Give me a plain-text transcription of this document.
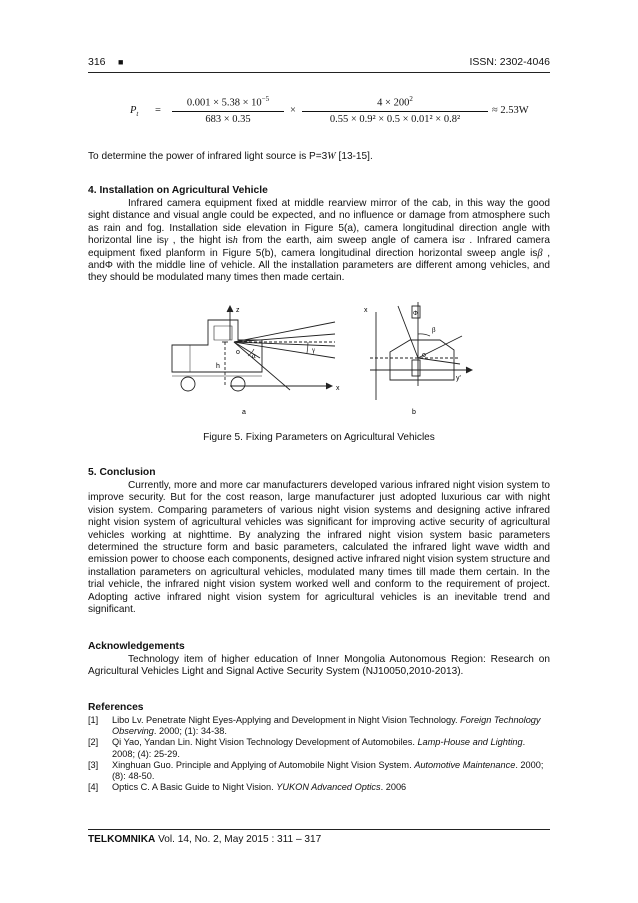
316 ■	ISSN: 2302-4046
$P_t = \frac{0.001 \times 5.38 \times 10^{-5}}{683 \times 0.35} \times \frac{4 \times 200^2}{\text{0.55 × 0.9² × 0.5 × 0.01² × 0.8²}} \approx 2.53W$
To determine the power of infrared light source is P=3W [13-15].
4. Installation on Agricultural Vehicle
Infrared camera equipment fixed at middle rearview mirror of the cab, in this way the good sight distance and visual angle could be expected, and no influence or damage from atmosphere such as rain and fog. Installation side elevation in Figure 5(a), camera longitudinal direction angle with horizontal line isγ , the hight ish from the earth, aim sweep angle of camera isα . Infrared camera equipment fixed planform in Figure 5(b), camera longitudinal direction horizontal sweep angle isβ , andΦ with the middle line of vehicle. All the installation parameters are different among vehicles, and they should be modulated many times then made certain.
z
o	γ
α
h
x
a
x	Φ
β
o
y'
b
Figure 5. Fixing Parameters on Agricultural Vehicles
5. Conclusion
Currently, more and more car manufacturers developed various infrared night vision system to improve security. But for the cost reason, large manufacturer just adopted luxurious car with night vision system. Comparing parameters of various night vision systems and designing active infrared night vision system of agricultural vehicles was significant for improving active security of agricultural vehicles working at nighttime. By analyzing the infrared night vision system basic parameters determined the structure form and basic parameters, calculated the infrared light wave width and emission power to choose each components, designed active infrared night vision system structure and installation parameters on agricultural vehicles, modulated many times till made them certain. In the trial vehicle, the infrared night vision system worked well and conform to the requirement of project. Adopting active infrared night vision system for agricultural vehicles is an inevitable trend and significant.
Acknowledgements
Technology item of higher education of Inner Mongolia Autonomous Region: Research on Agricultural Vehicles Light and Signal Active Security System (NJ10050,2010-2013).
References

[1] Libo Lv. Penetrate Night Eyes-Applying and Development in Night Vision Technology. Foreign Technology Observing. 2000; (1): 34-38.

[2] Qi Yao, Yandan Lin. Night Vision Technology Development of Automobiles. Lamp-House and Lighting. 2008; (4): 25-29.

[3] Xinghuan Guo. Principle and Applying of Automobile Night Vision System. Automotive Maintenance. 2000; (8): 48-50.

[4] Optics C. A Basic Guide to Night Vision. YUKON Advanced Optics. 2006

TELKOMNIKA Vol. 14, No. 2, May 2015 : 311 – 317
